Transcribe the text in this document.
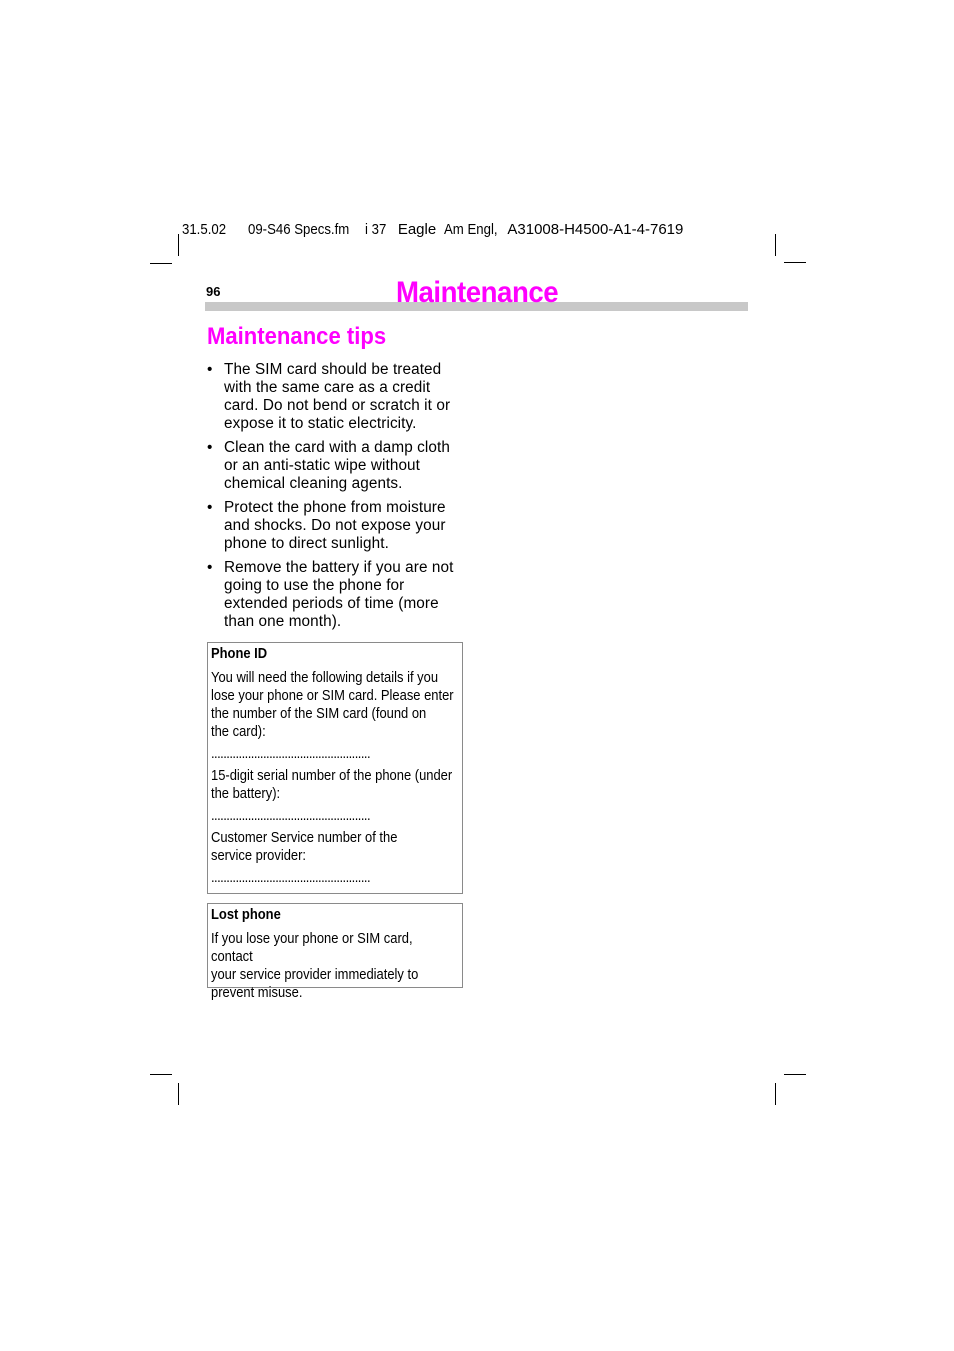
31.5.02 09-S46 Specs.fm i 37 Eagle Am Engl, A31008-H4500-A1-4-7619
96	Maintenance
Maintenance tips
• The SIM card should be treated
with the same care as a credit
card. Do not bend or scratch it or
expose it to static electricity.
• Clean the card with a damp cloth
or an anti-static wipe without
chemical cleaning agents.
• Protect the phone from moisture
and shocks. Do not expose your
phone to direct sunlight.
• Remove the battery if you are not
going to use the phone for
extended periods of time (more
than one month).
Phone ID

You will need the following details if you
lose your phone or SIM card. Please enter
the number of the SIM card (found on
the card):

....................................................

15-digit serial number of the phone (under
the battery):

....................................................

Customer Service number of the
service provider:

....................................................
Lost phone

If you lose your phone or SIM card, contact
your service provider immediately to
prevent misuse.
